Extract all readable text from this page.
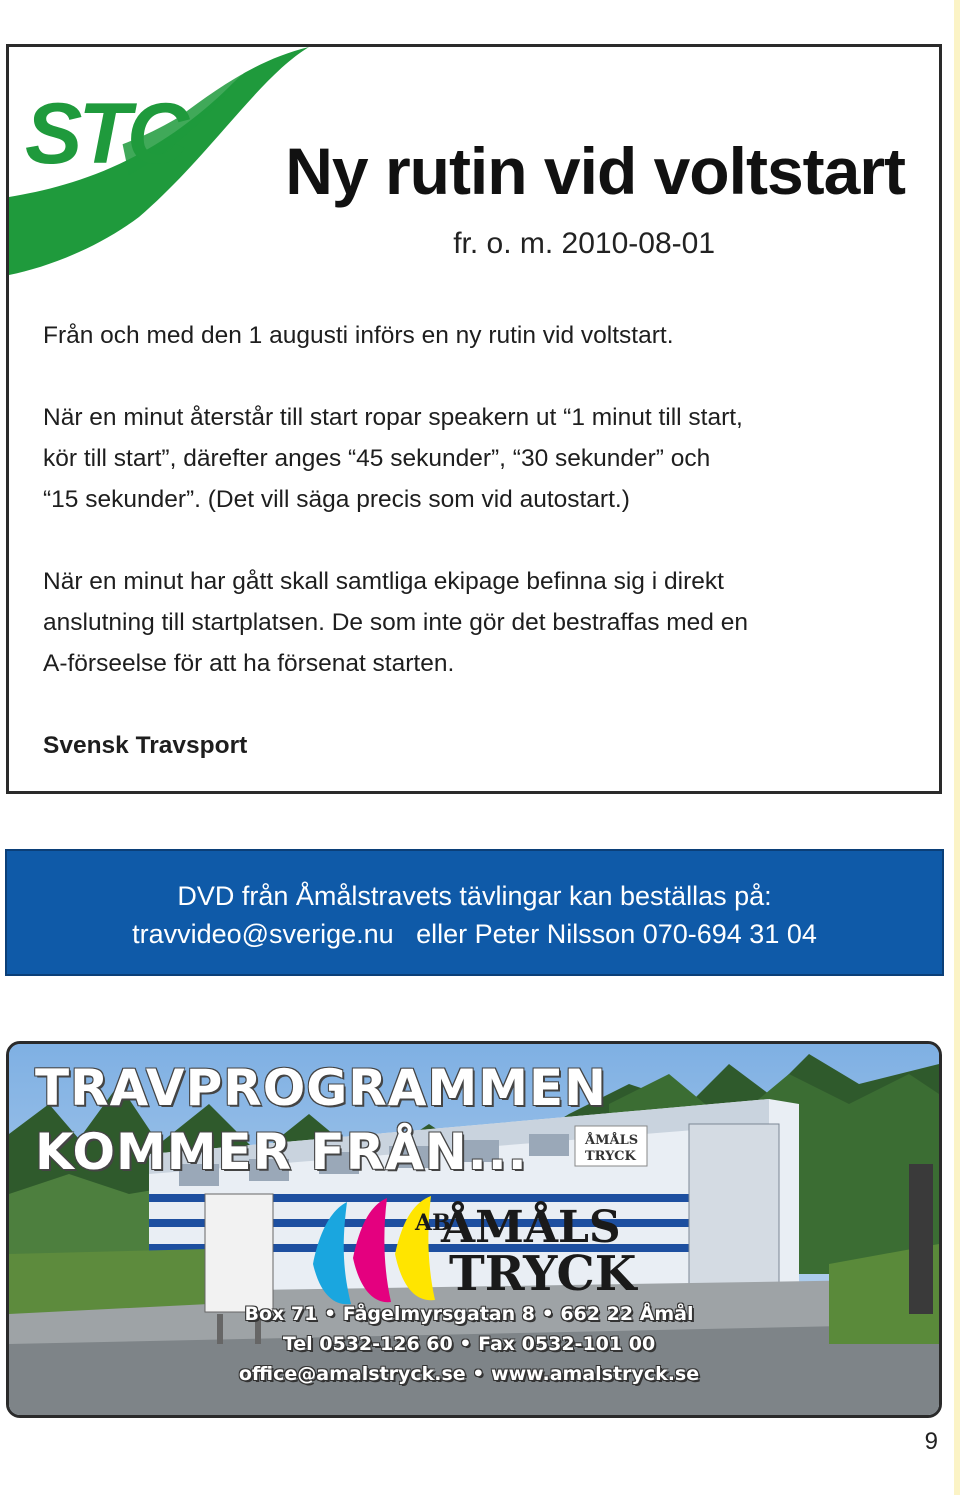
STC Ny rutin vid voltstart
fr. o. m. 2010-08-01

Från och med den 1 augusti införs en ny rutin vid voltstart.

När en minut återstår till start ropar speakern ut “1 minut till start,
kör till start”, därefter anges “45 sekunder”, “30 sekunder” och
“15 sekunder”. (Det vill säga precis som vid autostart.)

När en minut har gått skall samtliga ekipage befinna sig i direkt
anslutning till startplatsen. De som inte gör det bestraffas med en
A-förseelse för att ha försenat starten.

Svensk Travsport

DVD från Åmålstravets tävlingar kan beställas på:
travvideo@sverige.nu   eller Peter Nilsson 070-694 31 04
ÅMÅLS
TRYCK
TRAVPROGRAMMEN
KOMMER FRÅN...
AB
ÅMÅLS
TRYCK
Box 71 • Fågelmyrsgatan 8 • 662 22 Åmål
Tel 0532-126 60 • Fax 0532-101 00
office@amalstryck.se • www.amalstryck.se
9
